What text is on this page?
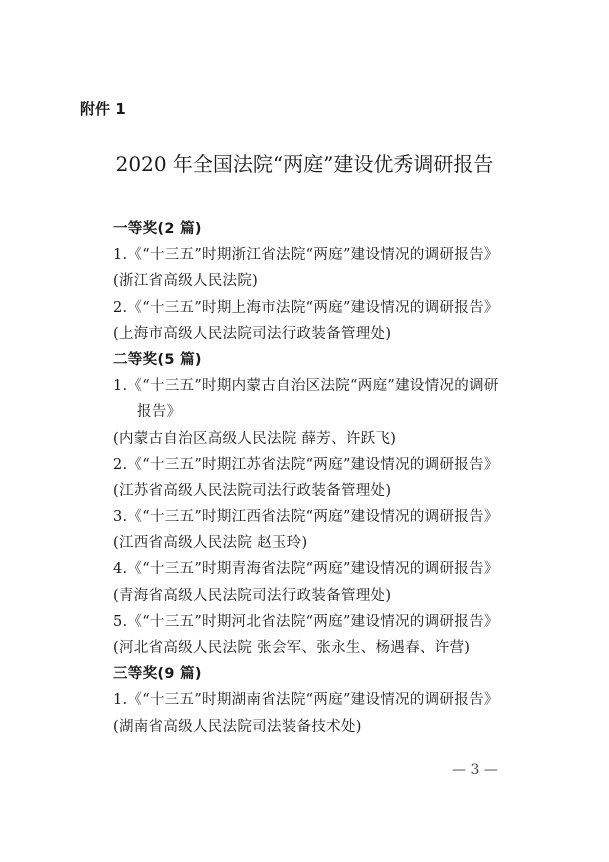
附件 1
2020 年全国法院“两庭”建设优秀调研报告
一等奖(2 篇)
1.《“十三五”时期浙江省法院“两庭”建设情况的调研报告》
(浙江省高级人民法院)
2.《“十三五”时期上海市法院“两庭”建设情况的调研报告》
(上海市高级人民法院司法行政装备管理处)
二等奖(5 篇)
1.《“十三五”时期内蒙古自治区法院“两庭”建设情况的调研
报告》
(内蒙古自治区高级人民法院 薛芳、许跃飞)
2.《“十三五”时期江苏省法院“两庭”建设情况的调研报告》
(江苏省高级人民法院司法行政装备管理处)
3.《“十三五”时期江西省法院“两庭”建设情况的调研报告》
(江西省高级人民法院 赵玉玲)
4.《“十三五”时期青海省法院“两庭”建设情况的调研报告》
(青海省高级人民法院司法行政装备管理处)
5.《“十三五”时期河北省法院“两庭”建设情况的调研报告》
(河北省高级人民法院 张会军、张永生、杨遇春、许营)
三等奖(9 篇)
1.《“十三五”时期湖南省法院“两庭”建设情况的调研报告》
(湖南省高级人民法院司法装备技术处)
— 3 —
